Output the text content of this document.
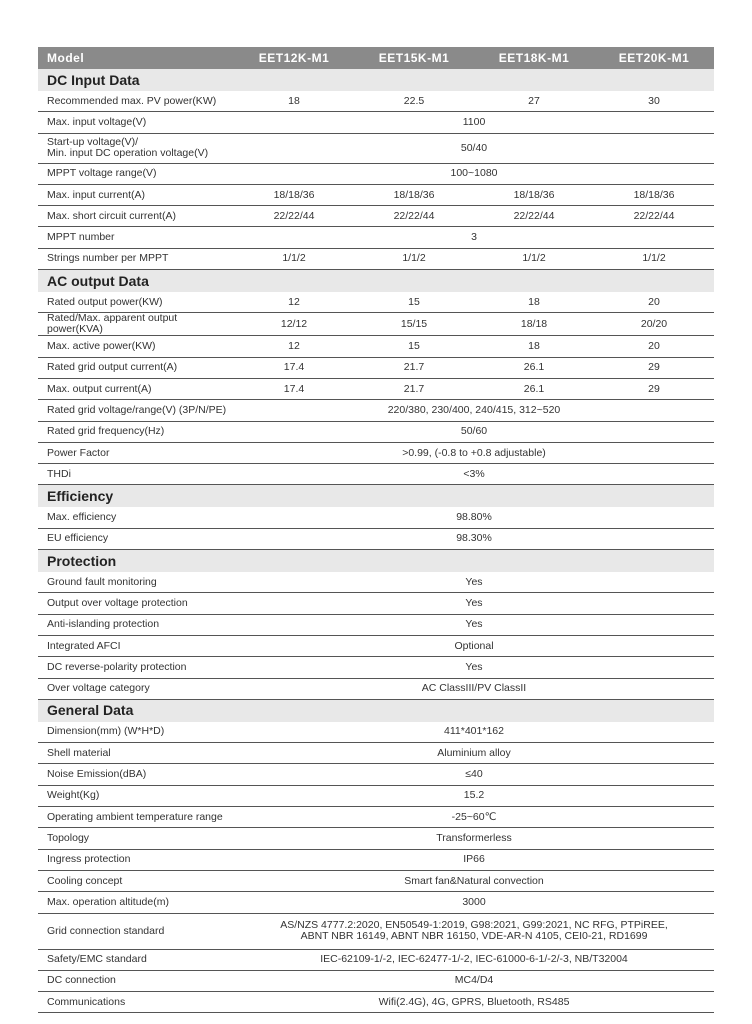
Model	EET12K-M1	EET15K-M1	EET18K-M1	EET20K-M1
DC Input Data				
Recommended max. PV power(KW)	18	22.5	27	30
Max. input voltage(V)	1100			
Start-up voltage(V)/
Min. input DC operation voltage(V)	50/40			
MPPT voltage range(V)	100~1080			
Max. input current(A)	18/18/36	18/18/36	18/18/36	18/18/36
Max. short circuit current(A)	22/22/44	22/22/44	22/22/44	22/22/44
MPPT number	3			
Strings number per MPPT	1/1/2	1/1/2	1/1/2	1/1/2
AC output Data				
Rated output power(KW)	12	15	18	20
Rated/Max. apparent output power(KVA)	12/12	15/15	18/18	20/20
Max. active power(KW)	12	15	18	20
Rated grid output current(A)	17.4	21.7	26.1	29
Max. output current(A)	17.4	21.7	26.1	29
Rated grid voltage/range(V) (3P/N/PE)	220/380, 230/400, 240/415, 312~520			
Rated grid frequency(Hz)	50/60			
Power Factor	>0.99, (-0.8 to +0.8 adjustable)			
THDi	<3%			
Efficiency				
Max. efficiency	98.80%			
EU efficiency	98.30%			
Protection				
Ground fault monitoring	Yes			
Output over voltage protection	Yes			
Anti-islanding protection	Yes			
Integrated AFCI	Optional			
DC reverse-polarity protection	Yes			
Over voltage category	AC ClassIII/PV ClassII			
General Data				
Dimension(mm) (W*H*D)	411*401*162			
Shell material	Aluminium alloy			
Noise Emission(dBA)	≤40			
Weight(Kg)	15.2			
Operating ambient temperature range	-25~60℃			
Topology	Transformerless			
Ingress protection	IP66			
Cooling concept	Smart fan&Natural convection			
Max. operation altitude(m)	3000			
Grid connection standard	AS/NZS 4777.2:2020, EN50549-1:2019, G98:2021, G99:2021, NC RFG, PTPiREE,
ABNT NBR 16149, ABNT NBR 16150, VDE-AR-N 4105, CEI0-21, RD1699			
Safety/EMC standard	IEC-62109-1/-2, IEC-62477-1/-2, IEC-61000-6-1/-2/-3, NB/T32004			
DC connection	MC4/D4			
Communications	Wifi(2.4G), 4G, GPRS, Bluetooth, RS485			
